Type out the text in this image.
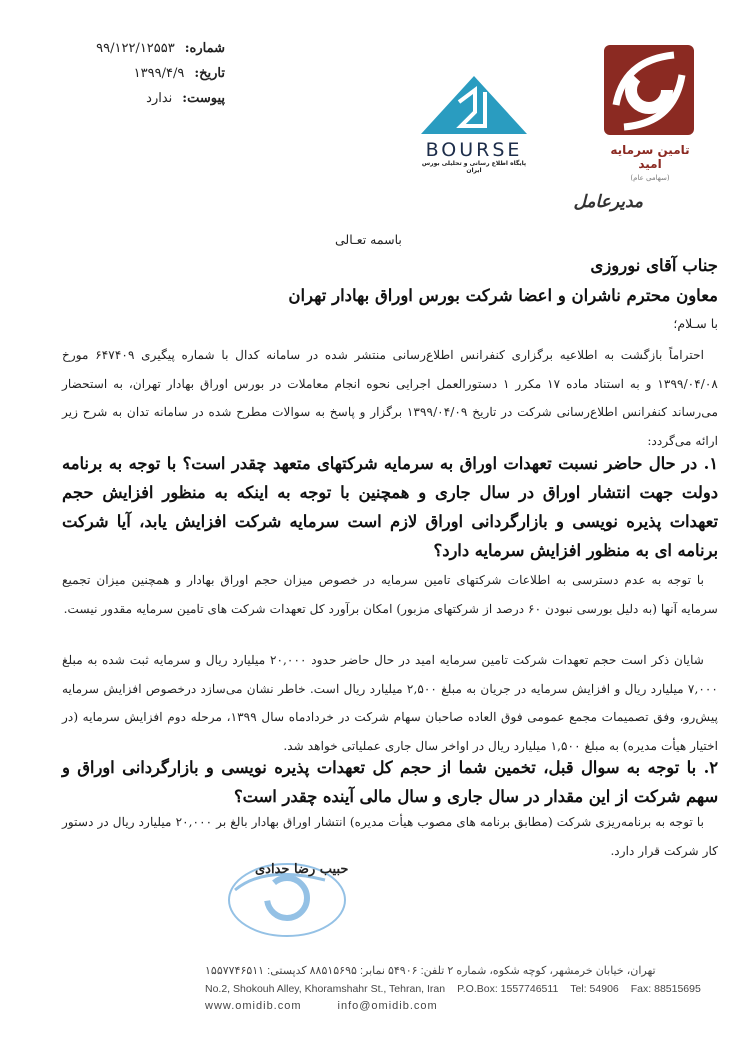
شماره:
۹۹/۱۲۲/۱۲۵۵۳
تاریخ:
۱۳۹۹/۴/۹
پیوست:
ندارد
BOURSE
پایگاه اطلاع رسانی و تحلیلی بورس ایران
تامین سرمایه امید
(سهامی عام)
مدیرعامل
باسمه تعـالی
جناب آقای نوروزی
معاون محترم ناشران و اعضا شرکت بورس اوراق بهادار تهران
با سـلام؛
احتراماً بازگشت به اطلاعیه برگزاری کنفرانس اطلاع‌رسانی منتشر شده در سامانه کدال با شماره پیگیری ۶۴۷۴۰۹ مورخ ۱۳۹۹/۰۴/۰۸ و به استناد ماده ۱۷ مکرر ۱ دستورالعمل اجرایی نحوه انجام معاملات در بورس اوراق بهادار تهران، به استحضار می‌رساند کنفرانس اطلاع‌رسانی شرکت در تاریخ ۱۳۹۹/۰۴/۰۹ برگزار و پاسخ به سوالات مطرح شده در سامانه تدان به شرح زیر ارائه می‌گردد:
۱. در حال حاضر نسبت تعهدات اوراق به سرمایه شرکتهای متعهد چقدر است؟ با توجه به برنامه دولت جهت انتشار اوراق در سال جاری و همچنین با توجه به اینکه به منظور افزایش حجم تعهدات پذیره نویسی و بازارگردانی اوراق لازم است سرمایه شرکت افزایش یابد، آیا شرکت برنامه ای به منظور افزایش سرمایه دارد؟
با توجه به عدم دسترسی به اطلاعات شرکتهای تامین سرمایه در خصوص میزان حجم اوراق بهادار و همچنین میزان تجمیع سرمایه آنها (به دلیل بورسی نبودن ۶۰ درصد از شرکتهای مزبور) امکان برآورد کل تعهدات شرکت های تامین سرمایه مقدور نیست.
شایان ذکر است حجم تعهدات شرکت تامین سرمایه امید در حال حاضر حدود ۲۰,۰۰۰ میلیارد ریال و سرمایه ثبت شده به مبلغ ۷,۰۰۰ میلیارد ریال و افزایش سرمایه در جریان به مبلغ ۲,۵۰۰ میلیارد ریال است. خاطر نشان می‌سازد درخصوص افزایش سرمایه پیش‌رو، وفق تصمیمات مجمع عمومی فوق العاده صاحبان سهام شرکت در خردادماه سال ۱۳۹۹، مرحله دوم افزایش سرمایه (در اختیار هیأت مدیره) به مبلغ ۱,۵۰۰ میلیارد ریال در اواخر سال جاری عملیاتی خواهد شد.
۲. با توجه به سوال قبل، تخمین شما از حجم کل تعهدات پذیره نویسی و بازارگردانی اوراق و سهم شرکت از این مقدار در سال جاری و سال مالی آینده چقدر است؟
با توجه به برنامه‌ریزی شرکت (مطابق برنامه های مصوب هیأت مدیره) انتشار اوراق بهادار بالغ بر ۲۰,۰۰۰ میلیارد ریال در دستور کار شرکت قرار دارد.
حبیب رضا حدادی
تهران، خیابان خرمشهر، کوچه شکوه، شماره ۲ تلفن: ۵۴۹۰۶ نمابر: ۸۸۵۱۵۶۹۵ کدپستی: ۱۵۵۷۷۴۶۵۱۱
No.2, Shokouh Alley, Khoramshahr St., Tehran, Iran P.O.Box: 1557746511 Tel: 54906 Fax: 88515695
www.omidib.com	info@omidib.com
